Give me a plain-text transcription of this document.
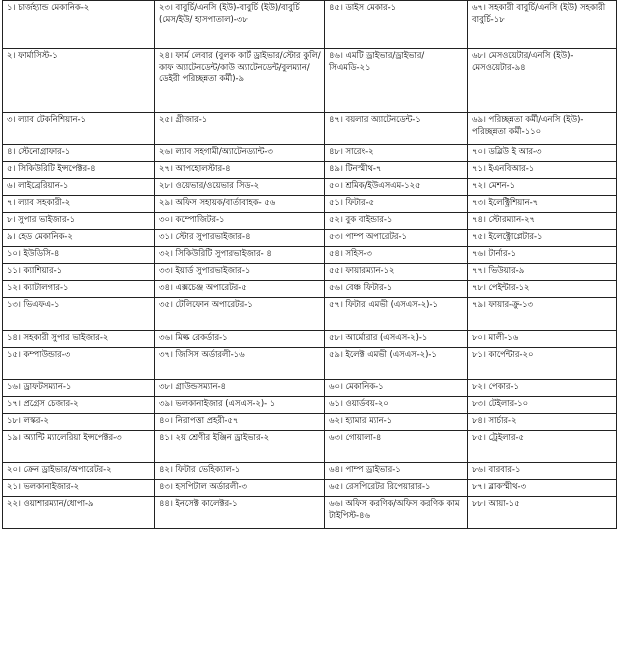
১। চার্জহ্যান্ড মেকানিক-২	২৩। বাবুর্চি/এনসি (ইউ)-বাবুর্চি (ইউ)/বাবুর্চি (মেস/ইউ/ হাসপাতাল)-৩৮	৪৫। ডাইস মেকার-১	৬৭। সহকারী বাবুর্চি/এনসি (ইউ) সহকারী বাবুর্চি-১৮
২। ফার্মাসিস্ট-১	২৪। ফার্ম লেবার (বুলক কার্ট ড্রাইভার/স্টোর কুলি/কাফ অ্যাটেনডেন্ট/কাউ অ্যাটেনডেন্ট/বুলম্যান/ডেইরী পরিচ্ছন্নতা কর্মী)-৯	৪৬। এমটি ড্রাইভার/ড্রাইভার/সিএমডি-২১	৬৮। মেসওয়েটার/এনসি (ইউ)-মেসওয়েটার-৯৪
৩। ল্যাব টেকনিশিয়ান-১	২৫। গ্রীজার-১	৪৭। বয়লার অ্যাটেনডেন্ট-১	৬৯। পরিচ্ছন্নতা কর্মী/এনসি (ইউ)-পরিচ্ছন্নতা কর্মী-১১০
৪। স্টেনোগ্রাফার-১	২৬। ল্যাব সহগামী/অ্যাটেনড্যান্ট-৩	৪৮। সারেং-২	৭০। ডব্লিউ ই আর-৩
৫। সিকিউরিটি ইন্সপেক্টর-৪	২৭। আপহোলস্টার-৪	৪৯। টিনস্মীথ-৭	৭১। ইএনবিআর-১
৬। লাইব্রেরিয়ান-১	২৮। ওয়েভার/ওয়েভার সিড-২	৫০। শ্রমিক/ইউএসএম-১২৫	৭২। মেশন-১
৭। ল্যাব সহকারী-২	২৯। অফিস সহায়ক/বার্তাবাহক- ৫৬	৫১। ফিটার-৫	৭৩। ইলেক্ট্রিশিয়ান-৭
৮। সুপার ভাইজার-১	৩০। কম্পোজিটর-১	৫২। বুক বাইন্ডার-১	৭৪। স্টোরম্যান-২৭
৯। হেড মেকানিক-২	৩১। স্টোর সুপারভাইজার-৪	৫৩। পাম্প অপারেটর-১	৭৫। ইলেক্ট্রোপ্লেটার-১
১০। ইউডিসি-৪	৩২। সিকিউরিটি সুপারভাইজার- ৪	৫৪। সহিস-৩	৭৬। টার্নার-১
১১। ক্যাশিয়ার-১	৩৩। ইয়ার্ড সুপারভাইজার-১	৫৫। ফায়ারম্যান-১২	৭৭। ভিউয়ার-৯
১২। ক্যাটালগার-১	৩৪। এক্সচেঞ্জ অপারেটর-৫	৫৬। বেঞ্চ ফিটার-১	৭৮। পেইন্টার-১২
১৩। ভিএফএ-১	৩৫। টেলিফোন অপারেটর-১	৫৭। ফিটার এমভী (এসএস-২)-১	৭৯। ফায়ার-ক্রু-১৩
১৪। সহকারী সুপার ভাইজার-২	৩৬। মিল্ক রেকর্ডার-১	৫৮। আর্মোরার (এসএস-২)-১	৮০। মালী-১৬
১৫। কম্পাউন্ডার-৩	৩৭। জিসিস অর্ডারলী-১৬	৫৯। ইলেক্ট এমভী (এসএস-২)-১	৮১। কার্পেন্টার-২০
১৬। ড্রাফটসম্যান-১	৩৮। গ্রাউন্ডসম্যান-৪	৬০। মেকানিক-১	৮২। পেকার-১
১৭। প্রগ্রেস চেজার-২	৩৯। ভলকানাইজার (এসএস-২)- ১	৬১। ওয়ার্ডবয়-২০	৮৩। টেইলার-১০
১৮। লস্কর-২	৪০। নিরাপত্তা প্রহরী-৫৭	৬২। হ্যামার ম্যান-১	৮৪। সার্চার-২
১৯। অ্যান্টি ম্যালেরিয়া ইন্সপেক্টর-৩	৪১। ২য় শ্রেণীর ইঞ্জিন ড্রাইভার-২	৬৩। গোয়ালা-৪	৮৫। ট্রেইলার-৫
২০। ক্রেন ড্রাইভার/অপারেটর-২	৪২। ফিটার ভেহিক্যাল-১	৬৪। পাম্প ড্রাইভার-১	৮৬। বারবার-১
২১। ভলকানাইজার-২	৪৩। হসপিটাল অর্ডারলী-৩	৬৫। রেসপিরেটর রিপেয়ারার-১	৮৭। ব্লাকস্মীথ-৩
২২। ওয়াশারম্যান/ধোপা-৯	৪৪। ইনসেক্ট কালেক্টর-১	৬৬। অফিস করণিক/অফিস করণিক কাম টাইপিস্ট-৪৬	৮৮। আয়া-১৫
